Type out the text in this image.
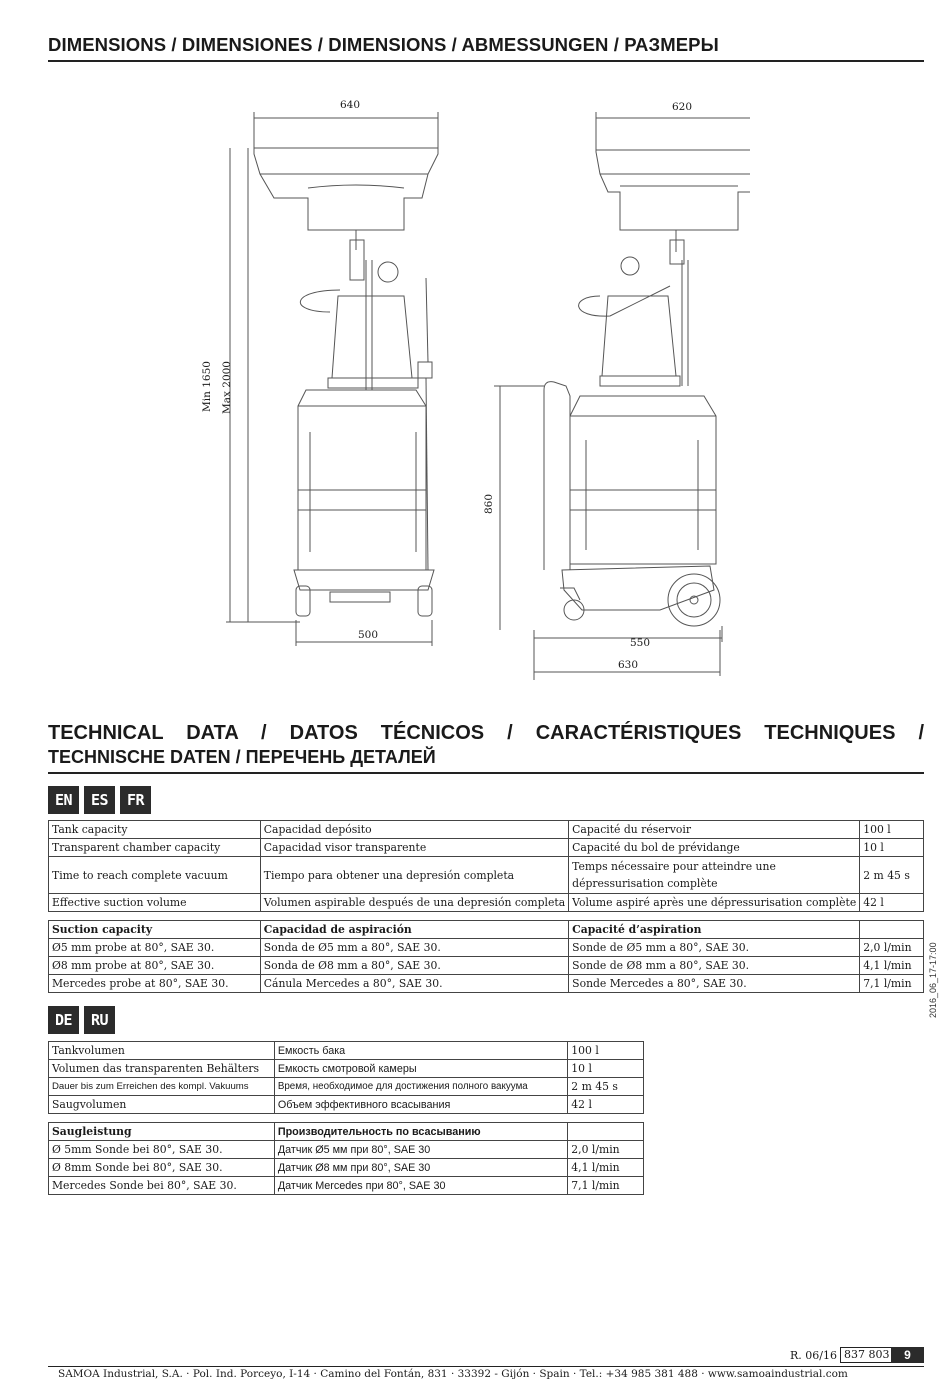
DIMENSIONS / DIMENSIONES / DIMENSIONS / ABMESSUNGEN / РАЗМЕРЫ
640	620
Min 1650 Max 2000
500
860
550
630
TECHNICAL DATA / DATOS TÉCNICOS / CARACTÉRISTIQUES TECHNIQUES /
TECHNISCHE DATEN / ПЕРЕЧЕНЬ ДЕТАЛЕЙ
EN	ES	FR
Tank capacity	Capacidad depósito	Capacité du réservoir	100 l
Transparent chamber capacity	Capacidad visor transparente	Capacité du bol de prévidange	10 l
Time to reach complete vacuum	Tiempo para obtener una depresión completa	Temps nécessaire pour atteindre une dépressurisation complète	2 m 45 s
Effective suction volume	Volumen aspirable después de una depresión completa	Volume aspiré après une dépressurisation complète	42 l

Suction capacity	Capacidad de aspiración	Capacité d’aspiration	
Ø5 mm probe at 80°, SAE 30.	Sonda de Ø5 mm a 80°, SAE 30.	Sonde de Ø5 mm a 80°, SAE 30.	2,0 l/min
Ø8 mm probe at 80°, SAE 30.	Sonda de Ø8 mm a 80°, SAE 30.	Sonde de Ø8 mm a 80°, SAE 30.	4,1 l/min
Mercedes probe at 80°, SAE 30.	Cánula Mercedes a 80°, SAE 30.	Sonde Mercedes a 80°, SAE 30.	7,1 l/min
DE	RU
Tankvolumen	Емкость бака	100 l
Volumen das transparenten Behälters	Емкость смотровой камеры	10 l
Dauer bis zum Erreichen des kompl. Vakuums	Время, необходимое для достижения полного вакуума	2 m 45 s
Saugvolumen	Объем эффективного всасывания	42 l

Saugleistung	Производительность по всасыванию	
Ø 5mm Sonde bei 80°, SAE 30.	Датчик Ø5 мм при 80°, SAE 30	2,0 l/min
Ø 8mm Sonde bei 80°, SAE 30.	Датчик Ø8 мм при 80°, SAE 30	4,1 l/min
Mercedes Sonde bei 80°, SAE 30.	Датчик Mercedes при 80°, SAE 30	7,1 l/min
2016_06_17-17:00
R. 06/16 837 803	9
SAMOA Industrial, S.A. · Pol. Ind. Porceyo, I-14 · Camino del Fontán, 831 · 33392 - Gijón · Spain · Tel.: +34 985 381 488 · www.samoaindustrial.com
